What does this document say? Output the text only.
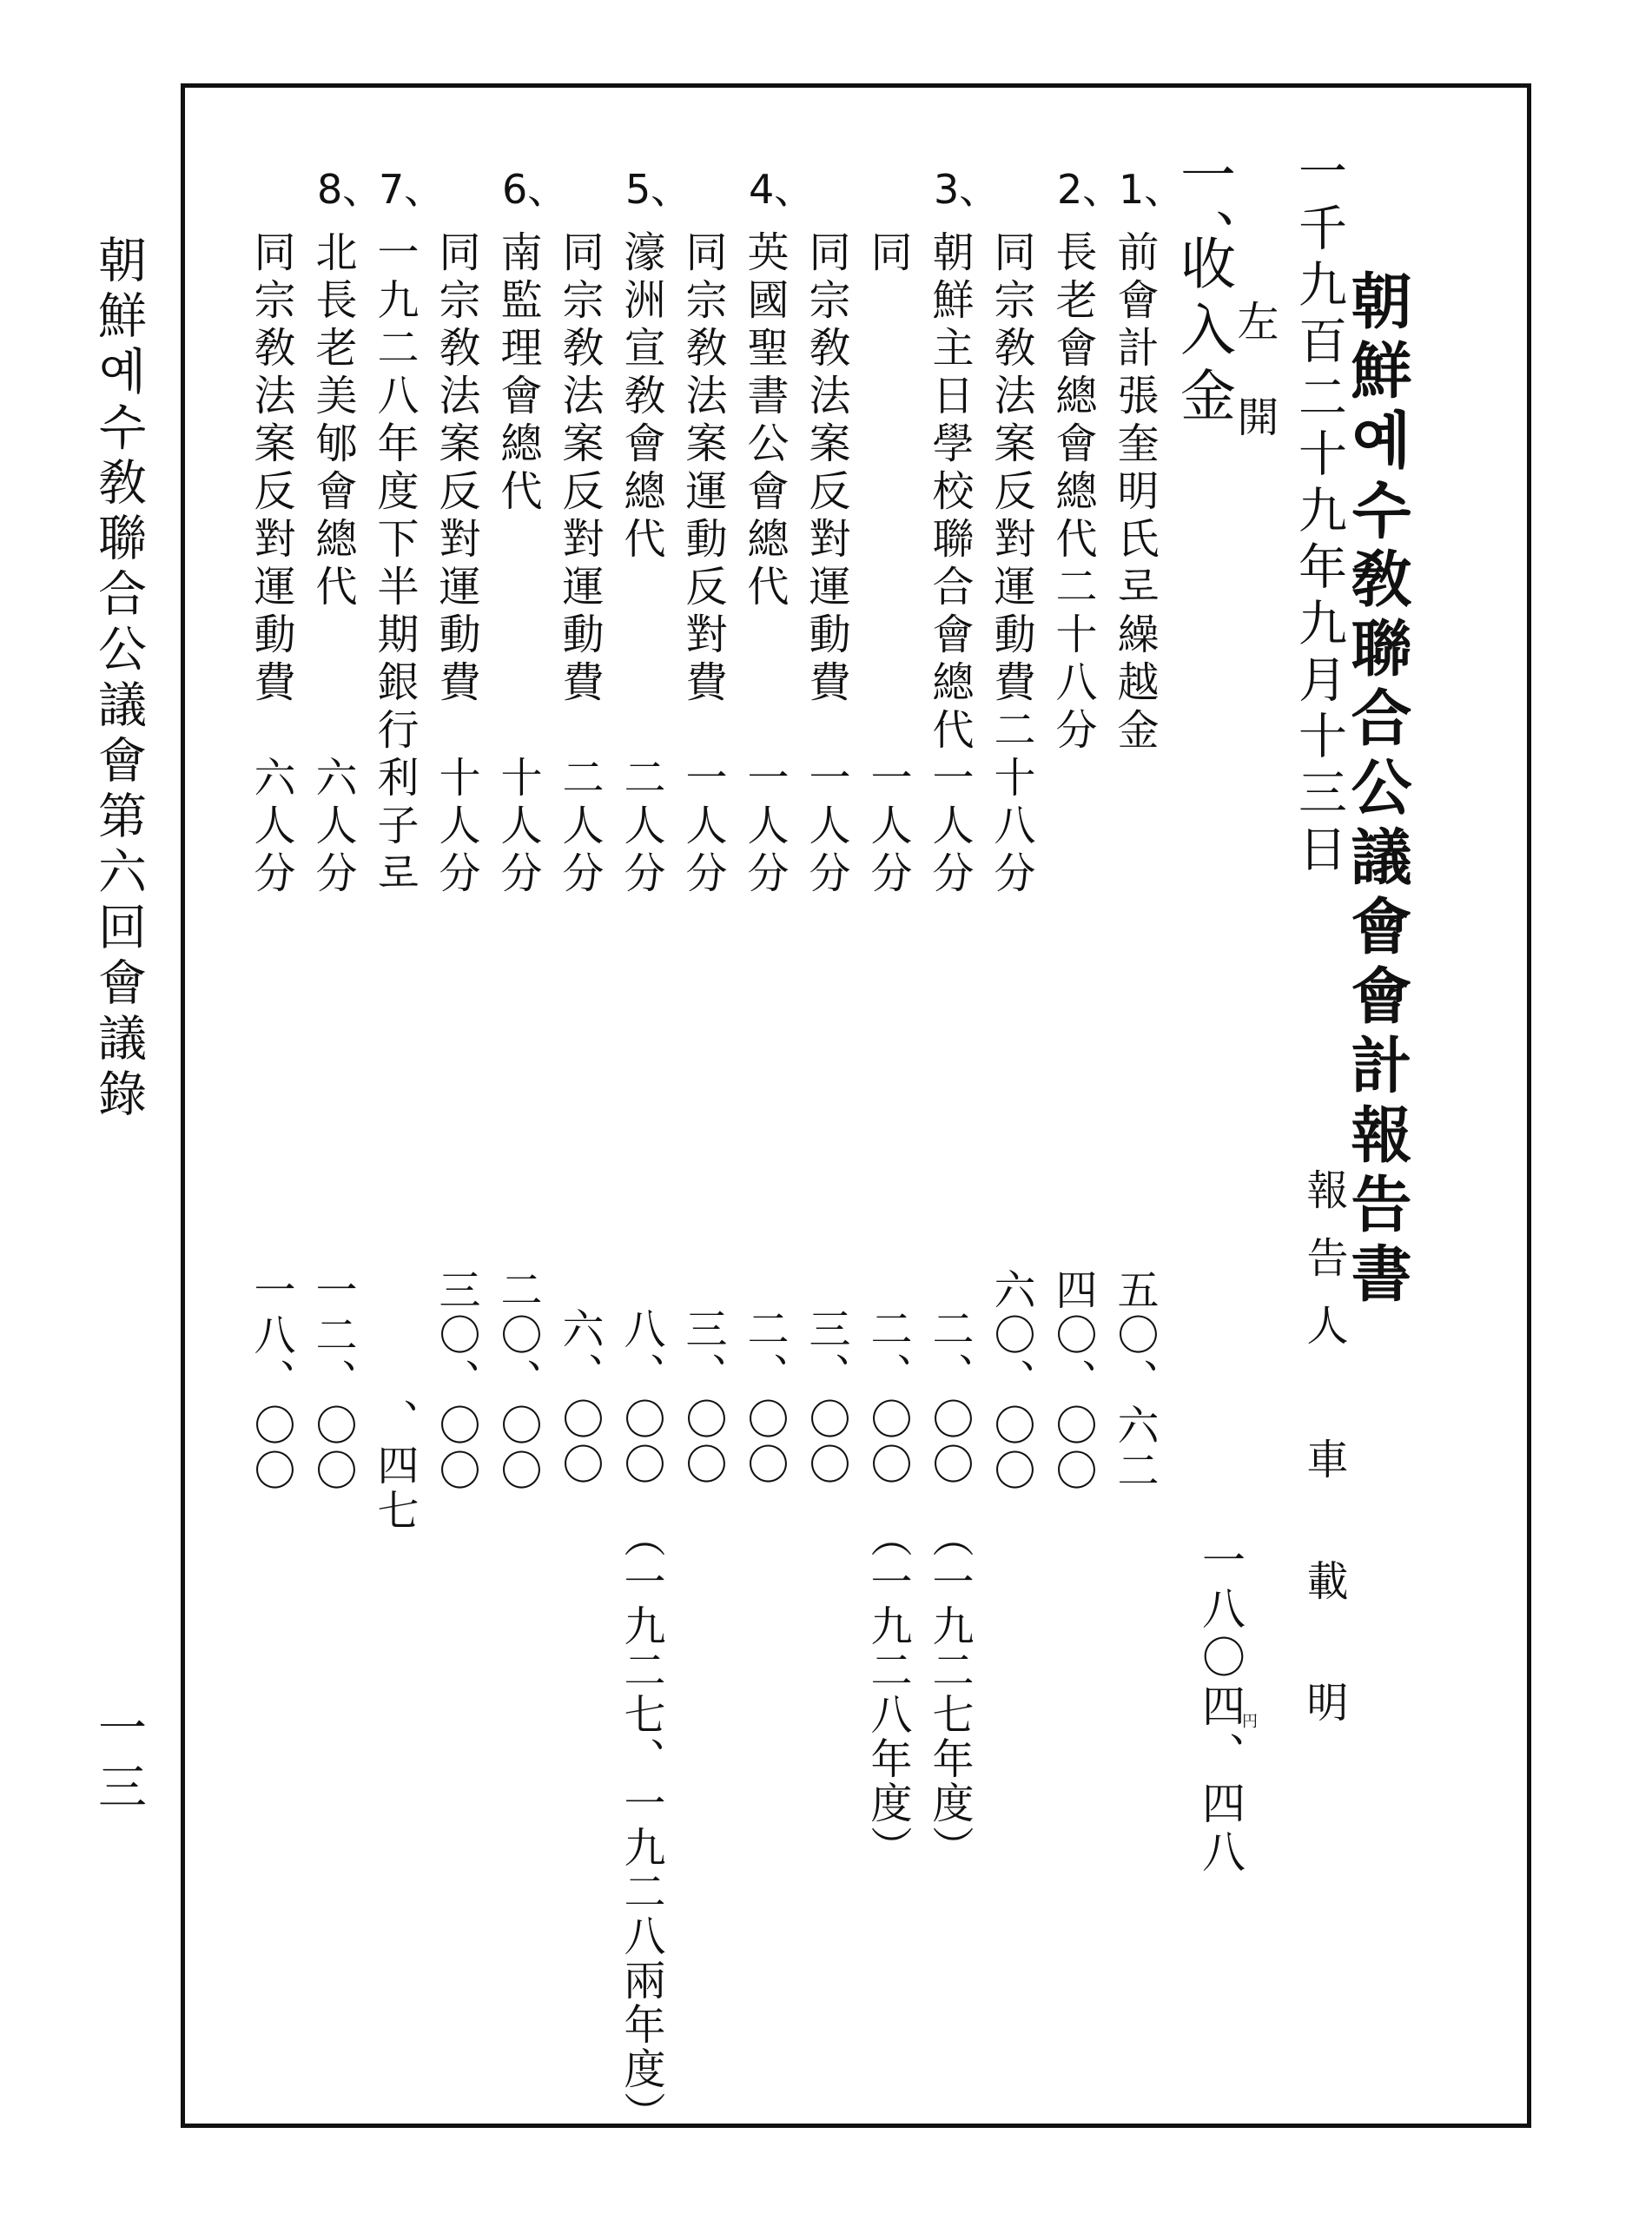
朝鮮예수敎聯合公議會第六回會議錄
一三
朝鮮예수敎聯合公議會會計報告書
一千九百二十九年九月十三日
左　開
報告人
車　載　明
一、
收入金
一八〇四、四八
円
1、
前會計張奎明氏로繰越金
五〇、六二
2、
長老會總會總代二十八分
四〇、〇〇
同宗敎法案反對運動費二十八分
六〇、〇〇
3、
朝鮮主日學校聯合會總代一人分
二、〇〇
（一九二七年度）
同　　　　　　　　　　一人分
二、〇〇
（一九二八年度）
同宗敎法案反對運動費　一人分
三、〇〇
4、
英國聖書公會總代　　　一人分
二、〇〇
同宗敎法案運動反對費　一人分
三、〇〇
5、
濠洲宣敎會總代　　　　二人分
八、〇〇
（一九二七、一九二八兩年度）
同宗敎法案反對運動費　二人分
六、〇〇
6、
南監理會總代　　　　　十人分
二〇、〇〇
同宗敎法案反對運動費　十人分
三〇、〇〇
7、
一九二八年度下半期銀行利子로
、四七
8、
北長老美郇會總代　　　六人分
一二、〇〇
同宗敎法案反對運動費　六人分
一八、〇〇
